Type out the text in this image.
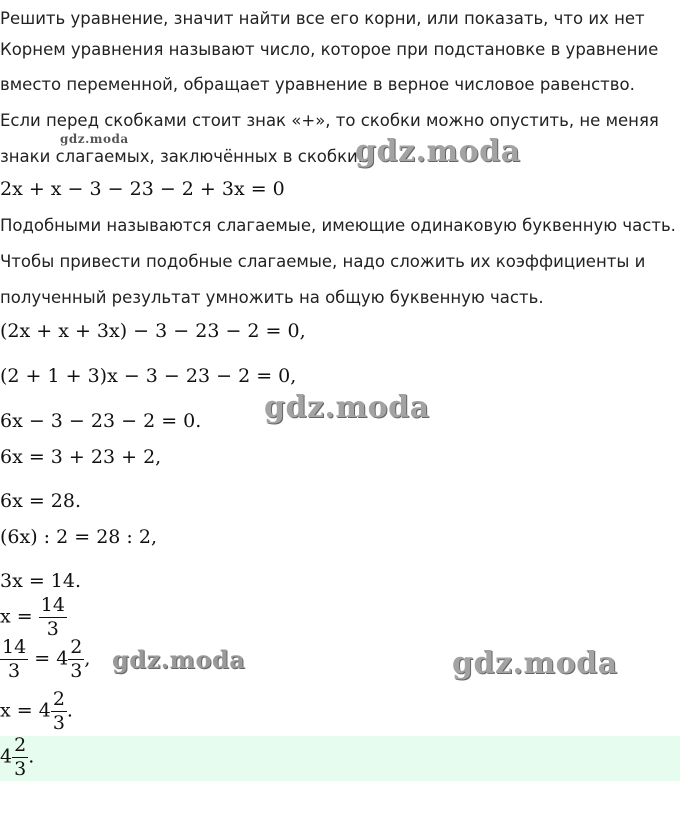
Решить уравнение, значит найти все его корни, или показать, что их нет
Корнем уравнения называют число, которое при подстановке в уравнение
вместо переменной, обращает уравнение в верное числовое равенство.
Если перед скобками стоит знак «+», то скобки можно опустить, не меняя
знаки слагаемых, заключённых в скобки.
2x + x − 3 − 23 − 2 + 3x = 0
Подобными называются слагаемые, имеющие одинаковую буквенную часть.
Чтобы привести подобные слагаемые, надо сложить их коэффициенты и
полученный результат умножить на общую буквенную часть.
(2x + x + 3x) − 3 − 23 − 2 = 0,
(2 + 1 + 3)x − 3 − 23 − 2 = 0,
6x − 3 − 23 − 2 = 0.
6x = 3 + 23 + 2,
6x = 28.
(6x) : 2 = 28 : 2,
3x = 14.
$x = \frac{14}{3}$
$\frac{14}{3} = 4 \frac{2}{3}$ ,
$x = 4 \frac{2}{3}$ .
$4 \frac{2}{3}$ .
gdz.moda	gdz.moda
gdz.moda
gdz.moda	gdz.moda
